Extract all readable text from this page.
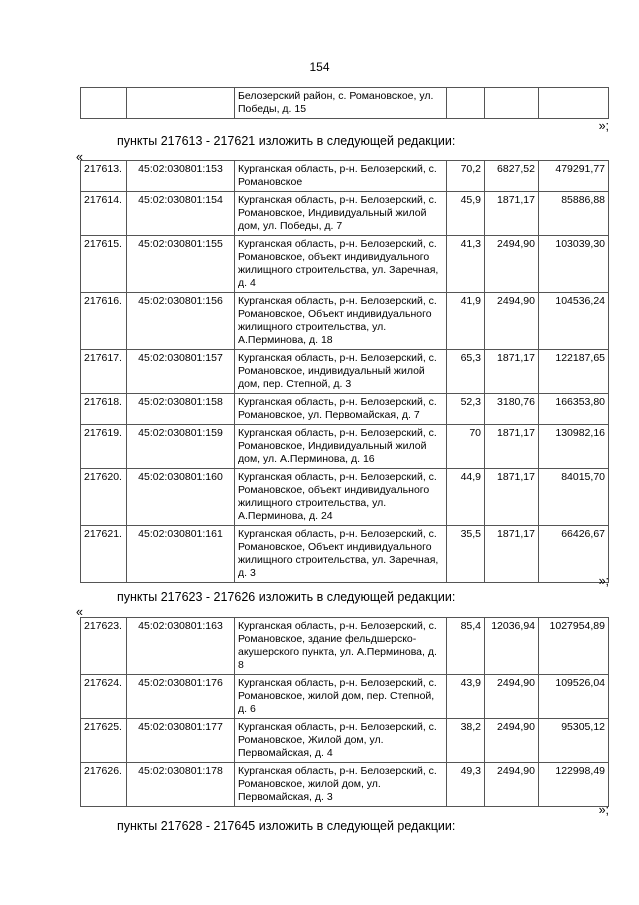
154
		Белозерский район, с. Романовское, ул. Победы, д. 15			
»;
пункты 217613 - 217621 изложить в следующей редакции:
«
217613.	45:02:030801:153	Курганская область, р-н. Белозерский, с. Романовское	70,2	6827,52	479291,77
217614.	45:02:030801:154	Курганская область, р-н. Белозерский, с. Романовское, Индивидуальный жилой дом, ул. Победы, д. 7	45,9	1871,17	85886,88
217615.	45:02:030801:155	Курганская область, р-н. Белозерский, с. Романовское, объект индивидуального жилищного строительства, ул. Заречная, д. 4	41,3	2494,90	103039,30
217616.	45:02:030801:156	Курганская область, р-н. Белозерский, с. Романовское, Объект индивидуального жилищного строительства, ул. А.Перминова, д. 18	41,9	2494,90	104536,24
217617.	45:02:030801:157	Курганская область, р-н. Белозерский, с. Романовское, индивидуальный жилой дом, пер. Степной, д. 3	65,3	1871,17	122187,65
217618.	45:02:030801:158	Курганская область, р-н. Белозерский, с. Романовское, ул. Первомайская, д. 7	52,3	3180,76	166353,80
217619.	45:02:030801:159	Курганская область, р-н. Белозерский, с. Романовское, Индивидуальный жилой дом, ул. А.Перминова, д. 16	70	1871,17	130982,16
217620.	45:02:030801:160	Курганская область, р-н. Белозерский, с. Романовское, объект индивидуального жилищного строительства, ул. А.Перминова, д. 24	44,9	1871,17	84015,70
217621.	45:02:030801:161	Курганская область, р-н. Белозерский, с. Романовское, Объект индивидуального жилищного строительства, ул. Заречная, д. 3	35,5	1871,17	66426,67
»;
пункты 217623 - 217626 изложить в следующей редакции:
«
217623.	45:02:030801:163	Курганская область, р-н. Белозерский, с. Романовское, здание фельдшерско-акушерского пункта, ул. А.Перминова, д. 8	85,4	12036,94	1027954,89
217624.	45:02:030801:176	Курганская область, р-н. Белозерский, с. Романовское, жилой дом, пер. Степной, д. 6	43,9	2494,90	109526,04
217625.	45:02:030801:177	Курганская область, р-н. Белозерский, с. Романовское, Жилой дом, ул. Первомайская, д. 4	38,2	2494,90	95305,12
217626.	45:02:030801:178	Курганская область, р-н. Белозерский, с. Романовское, жилой дом, ул. Первомайская, д. 3	49,3	2494,90	122998,49
»;
пункты 217628 - 217645 изложить в следующей редакции:
